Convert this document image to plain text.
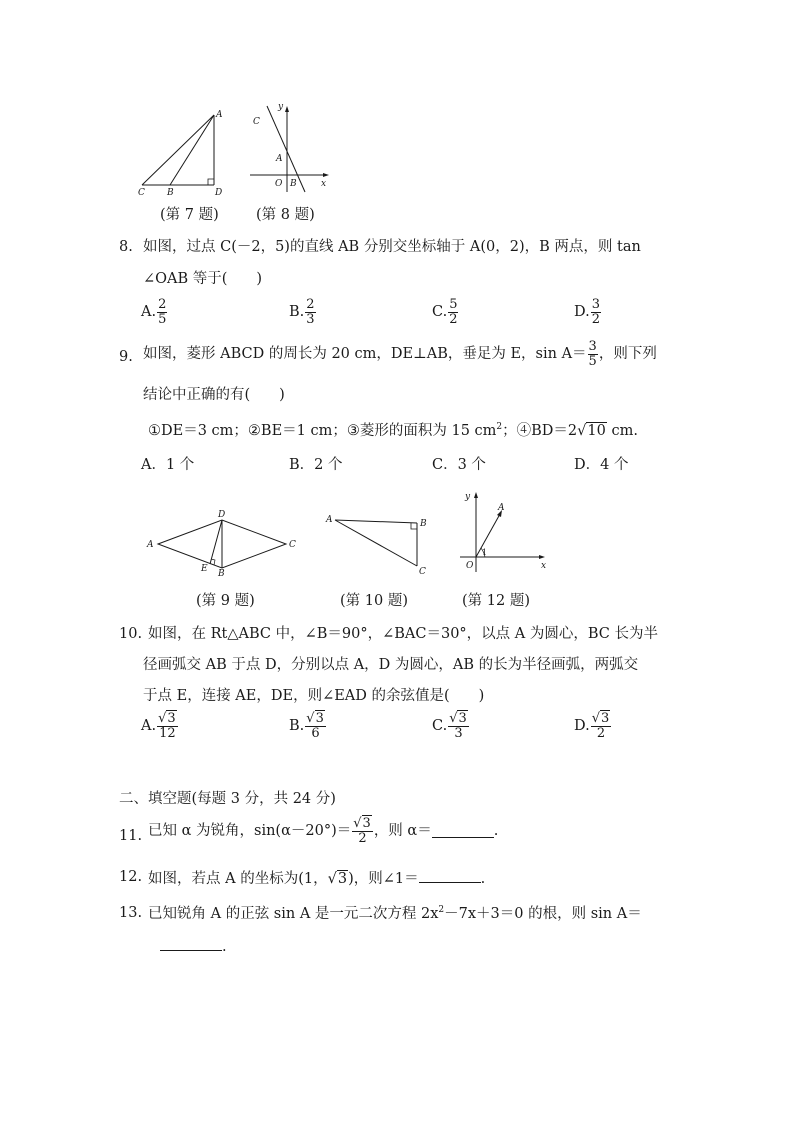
A
C B	D
y
C
A
O B	x
(第 7 题)	(第 8 题)
8. 如图，过点 C(－2，5)的直线 AB 分别交坐标轴于 A(0，2)，B 两点，则 tan
∠OAB 等于(　　)
A. $\frac{2}{5}$	B. $\frac{2}{3}$	C. $\frac{5}{2}$	D. $\frac{3}{2}$
9. 如图，菱形 ABCD 的周长为 20 cm，DE⊥AB，垂足为 E，$\sin A= \frac{3}{5}$ ，则下列
结论中正确的有(　　)
①DE＝3 cm；②BE＝1 cm；③菱形的面积为 15 $cm^2$；④BD＝2√10 cm.
A．1 个	B．2 个	C．3 个	D．4 个
D
A	C
E B
A	B
C
y
A
1
O	x
(第 9 题)	(第 10 题)	(第 12 题)
10. 如图，在 Rt△ABC 中，∠B＝90°，∠BAC＝30°，以点 A 为圆心，BC 长为半
径画弧交 AB 于点 D，分别以点 A，D 为圆心，AB 的长为半径画弧，两弧交
于点 E，连接 AE，DE，则∠EAD 的余弦值是(　　)
A. $\frac{√3}{12}$	B. $\frac{√3}{6}$	C. $\frac{√3}{3}$	D. $\frac{√3}{2}$
二、填空题(每题 3 分，共 24 分)
11. 已知 α 为锐角，$\sin(\alpha-20^\circ)= \frac{√3}{2}$ ，则 α＝	.
12. 如图，若点 A 的坐标为(1，√3)，则∠1＝	.
13. 已知锐角 A 的正弦 sin A 是一元二次方程 $2x^2-7x+3=0$ 的根，则 sin A＝
.
